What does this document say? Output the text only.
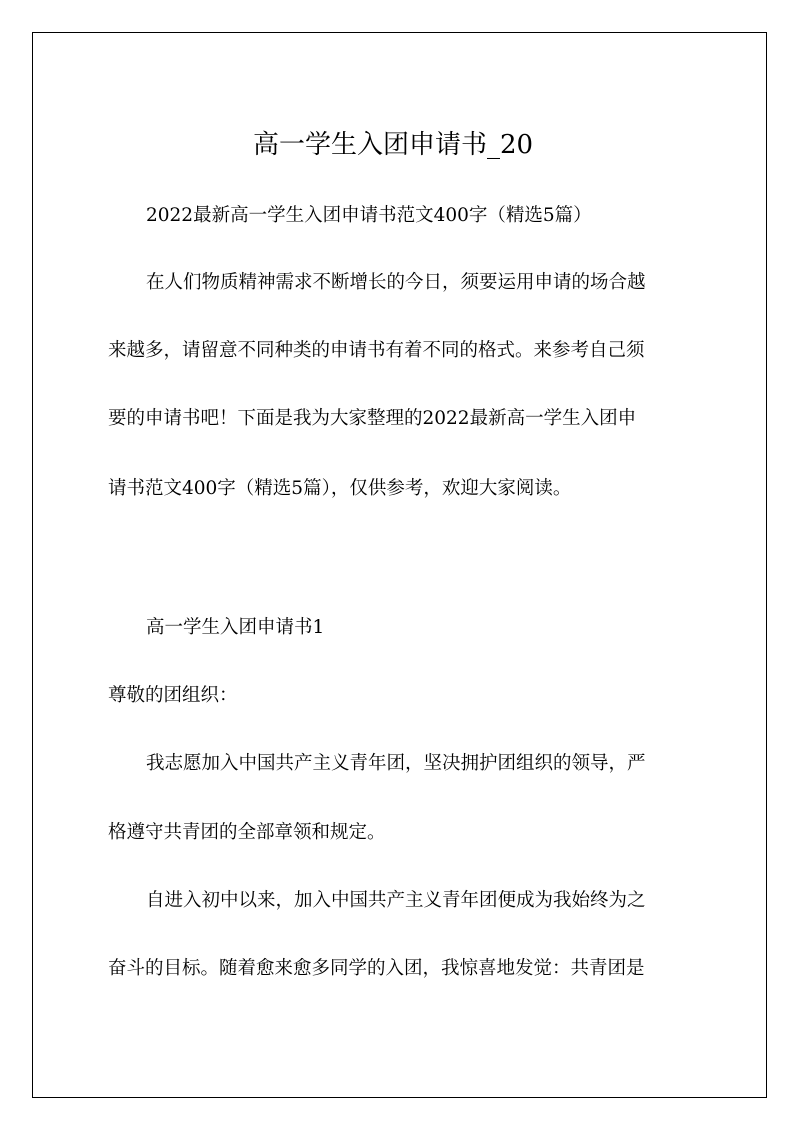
高一学生入团申请书_20
2022最新高一学生入团申请书范文400字（精选5篇）
在人们物质精神需求不断增长的今日，须要运用申请的场合越
来越多，请留意不同种类的申请书有着不同的格式。来参考自己须
要的申请书吧！下面是我为大家整理的2022最新高一学生入团申
请书范文400字（精选5篇），仅供参考，欢迎大家阅读。
高一学生入团申请书1
尊敬的团组织：
我志愿加入中国共产主义青年团，坚决拥护团组织的领导，严
格遵守共青团的全部章领和规定。
自进入初中以来，加入中国共产主义青年团便成为我始终为之
奋斗的目标。随着愈来愈多同学的入团，我惊喜地发觉：共青团是
